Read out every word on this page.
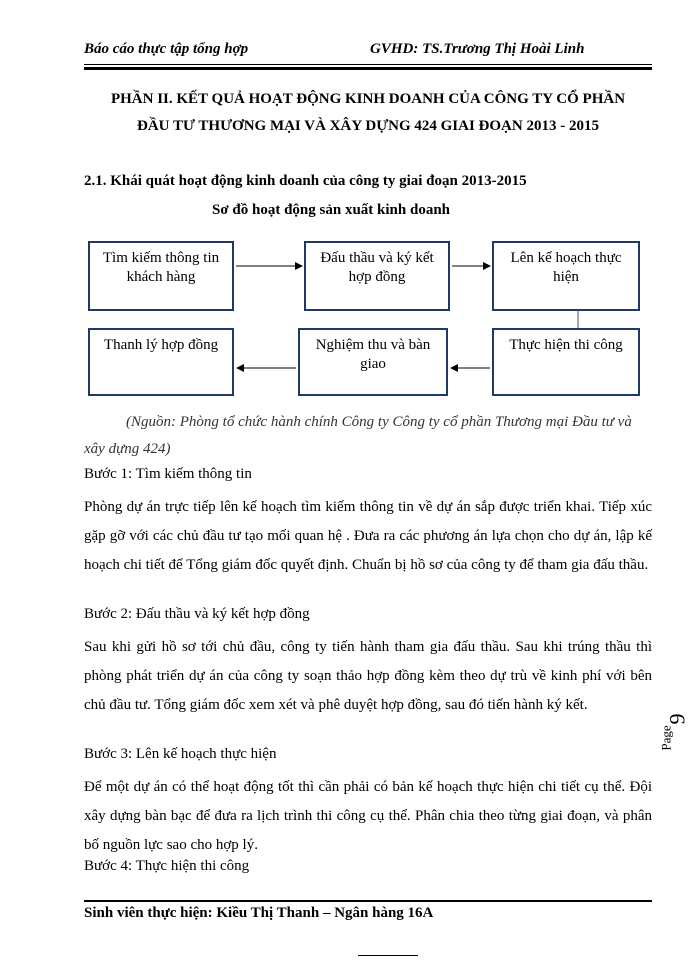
Báo cáo thực tập tổng hợp	GVHD: TS.Trương Thị Hoài Linh
PHẦN II. KẾT QUẢ HOẠT ĐỘNG KINH DOANH CỦA CÔNG TY CỔ PHẦN
ĐẦU TƯ THƯƠNG MẠI VÀ XÂY DỰNG 424 GIAI ĐOẠN 2013 - 2015
2.1. Khái quát hoạt động kinh doanh của công ty giai đoạn 2013-2015
Sơ đồ hoạt động sản xuất kinh doanh
Tìm kiếm thông tin
khách hàng
Đấu thầu và ký kết
hợp đồng
Lên kế hoạch thực
hiện
Thực hiện thi công
Nghiệm thu và bàn
giao
Thanh lý hợp đồng
(Nguồn: Phòng tổ chức hành chính Công ty Công ty cổ phần Thương mại Đầu tư và xây dựng 424)
Bước 1: Tìm kiếm thông tin
Phòng dự án trực tiếp lên kế hoạch tìm kiếm thông tin về dự án sắp được triển khai. Tiếp xúc gặp gỡ với các chủ đầu tư tạo mối quan hệ . Đưa ra các phương án lựa chọn cho dự án, lập kế hoạch chi tiết để Tổng giám đốc quyết định. Chuẩn bị hồ sơ của công ty để tham gia đấu thầu.
Bước 2: Đấu thầu và ký kết hợp đồng
Sau khi gửi hồ sơ tới chủ đầu, công ty tiến hành tham gia đấu thầu. Sau khi trúng thầu thì phòng phát triển dự án của công ty soạn thảo hợp đồng kèm theo dự trù về kinh phí với bên chủ đầu tư. Tổng giám đốc xem xét và phê duyệt hợp đồng, sau đó tiến hành ký kết.
Bước 3: Lên kế hoạch thực hiện
Để một dự án có thể hoạt động tốt thì cần phải có bản kế hoạch thực hiện chi tiết cụ thể. Đội xây dựng bàn bạc để đưa ra lịch trình thi công cụ thể. Phân chia theo từng giai đoạn, và phân bố nguồn lực sao cho hợp lý.
Bước 4: Thực hiện thi công
Sinh viên thực hiện: Kiều Thị Thanh – Ngân hàng 16A
9
Page
